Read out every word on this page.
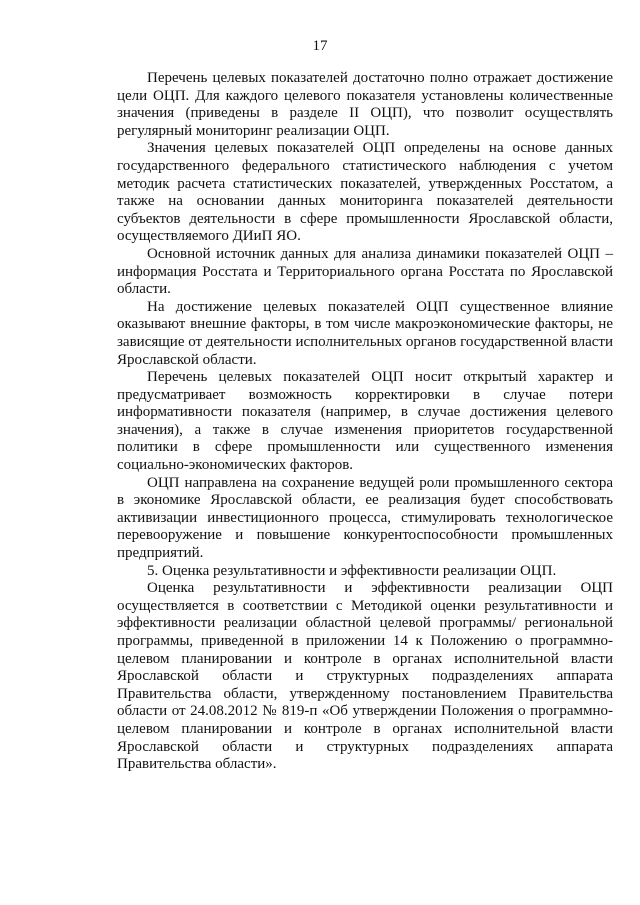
17

Перечень целевых показателей достаточно полно отражает достижение цели ОЦП. Для каждого целевого показателя установлены количественные значения (приведены в разделе II ОЦП), что позволит осуществлять регулярный мониторинг реализации ОЦП.

Значения целевых показателей ОЦП определены на основе данных государственного федерального статистического наблюдения с учетом методик расчета статистических показателей, утвержденных Росстатом, а также на основании данных мониторинга показателей деятельности субъектов деятельности в сфере промышленности Ярославской области, осуществляемого ДИиП ЯО.

Основной источник данных для анализа динамики показателей ОЦП – информация Росстата и Территориального органа Росстата по Ярославской области.

На достижение целевых показателей ОЦП существенное влияние оказывают внешние факторы, в том числе макроэкономические факторы, не зависящие от деятельности исполнительных органов государственной власти Ярославской области.

Перечень целевых показателей ОЦП носит открытый характер и предусматривает возможность корректировки в случае потери информативности показателя (например, в случае достижения целевого значения), а также в случае изменения приоритетов государственной политики в сфере промышленности или существенного изменения социально-экономических факторов.

ОЦП направлена на сохранение ведущей роли промышленного сектора в экономике Ярославской области, ее реализация будет способствовать активизации инвестиционного процесса, стимулировать технологическое перевооружение и повышение конкурентоспособности промышленных предприятий.

5. Оценка результативности и эффективности реализации ОЦП.

Оценка результативности и эффективности реализации ОЦП осуществляется в соответствии с Методикой оценки результативности и эффективности реализации областной целевой программы/ региональной программы, приведенной в приложении 14 к Положению о программно-целевом планировании и контроле в органах исполнительной власти Ярославской области и структурных подразделениях аппарата Правительства области, утвержденному постановлением Правительства области от 24.08.2012 № 819-п «Об утверждении Положения о программно-целевом планировании и контроле в органах исполнительной власти Ярославской области и структурных подразделениях аппарата Правительства области».
